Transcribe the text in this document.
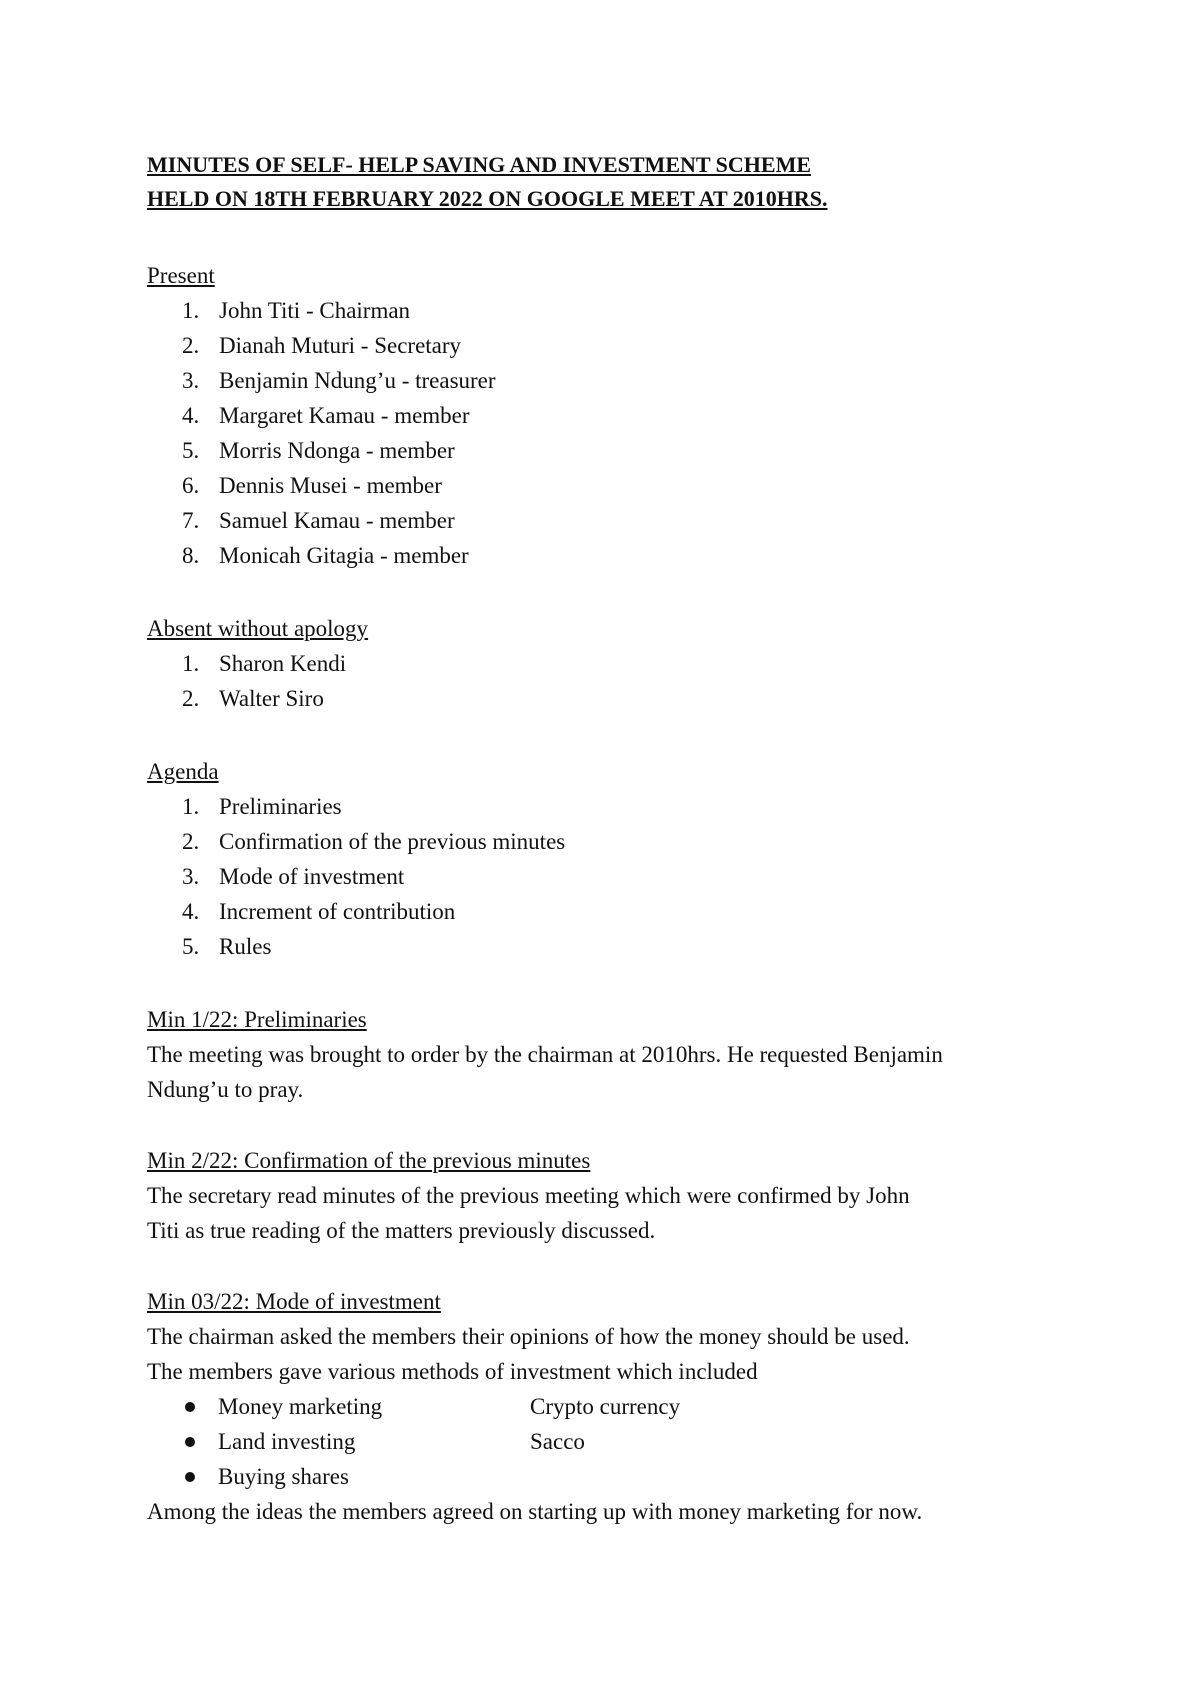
MINUTES OF SELF- HELP SAVING AND INVESTMENT SCHEME
HELD ON 18TH FEBRUARY 2022 ON GOOGLE MEET AT 2010HRS.
Present
1. John Titi - Chairman
2. Dianah Muturi - Secretary
3. Benjamin Ndung’u - treasurer
4. Margaret Kamau - member
5. Morris Ndonga - member
6. Dennis Musei - member
7. Samuel Kamau - member
8. Monicah Gitagia - member
Absent without apology
1. Sharon Kendi
2. Walter Siro
Agenda
1. Preliminaries
2. Confirmation of the previous minutes
3. Mode of investment
4. Increment of contribution
5. Rules
Min 1/22: Preliminaries

The meeting was brought to order by the chairman at 2010hrs. He requested Benjamin
Ndung’u to pray.

Min 2/22: Confirmation of the previous minutes

The secretary read minutes of the previous meeting which were confirmed by John
Titi as true reading of the matters previously discussed.

Min 03/22: Mode of investment

The chairman asked the members their opinions of how the money should be used.
The members gave various methods of investment which included

Money marketing	Crypto currency
Land investing	Sacco
Buying shares

Among the ideas the members agreed on starting up with money marketing for now.
